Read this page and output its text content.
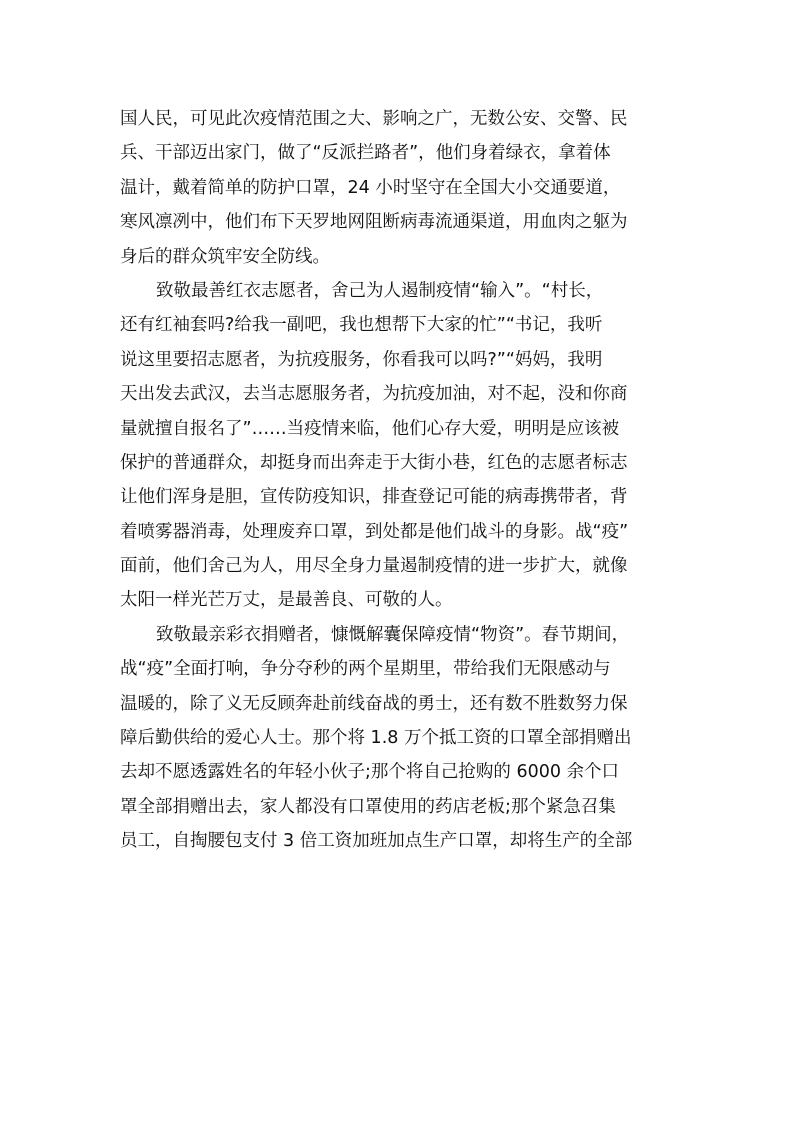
国人民，可见此次疫情范围之大、影响之广，无数公安、交警、民
兵、干部迈出家门，做了“反派拦路者”，他们身着绿衣，拿着体
温计，戴着简单的防护口罩，24 小时坚守在全国大小交通要道，
寒风凛冽中，他们布下天罗地网阻断病毒流通渠道，用血肉之躯为
身后的群众筑牢安全防线。
致敬最善红衣志愿者，舍己为人遏制疫情“输入”。“村长，
还有红袖套吗?给我一副吧，我也想帮下大家的忙”“书记，我听
说这里要招志愿者，为抗疫服务，你看我可以吗?”“妈妈，我明
天出发去武汉，去当志愿服务者，为抗疫加油，对不起，没和你商
量就擅自报名了”……当疫情来临，他们心存大爱，明明是应该被
保护的普通群众，却挺身而出奔走于大街小巷，红色的志愿者标志
让他们浑身是胆，宣传防疫知识，排查登记可能的病毒携带者，背
着喷雾器消毒，处理废弃口罩，到处都是他们战斗的身影。战“疫”
面前，他们舍己为人，用尽全身力量遏制疫情的进一步扩大，就像
太阳一样光芒万丈，是最善良、可敬的人。
致敬最亲彩衣捐赠者，慷慨解囊保障疫情“物资”。春节期间，
战“疫”全面打响，争分夺秒的两个星期里，带给我们无限感动与
温暖的，除了义无反顾奔赴前线奋战的勇士，还有数不胜数努力保
障后勤供给的爱心人士。那个将 1.8 万个抵工资的口罩全部捐赠出
去却不愿透露姓名的年轻小伙子;那个将自己抢购的 6000 余个口
罩全部捐赠出去，家人都没有口罩使用的药店老板;那个紧急召集
员工，自掏腰包支付 3 倍工资加班加点生产口罩，却将生产的全部
